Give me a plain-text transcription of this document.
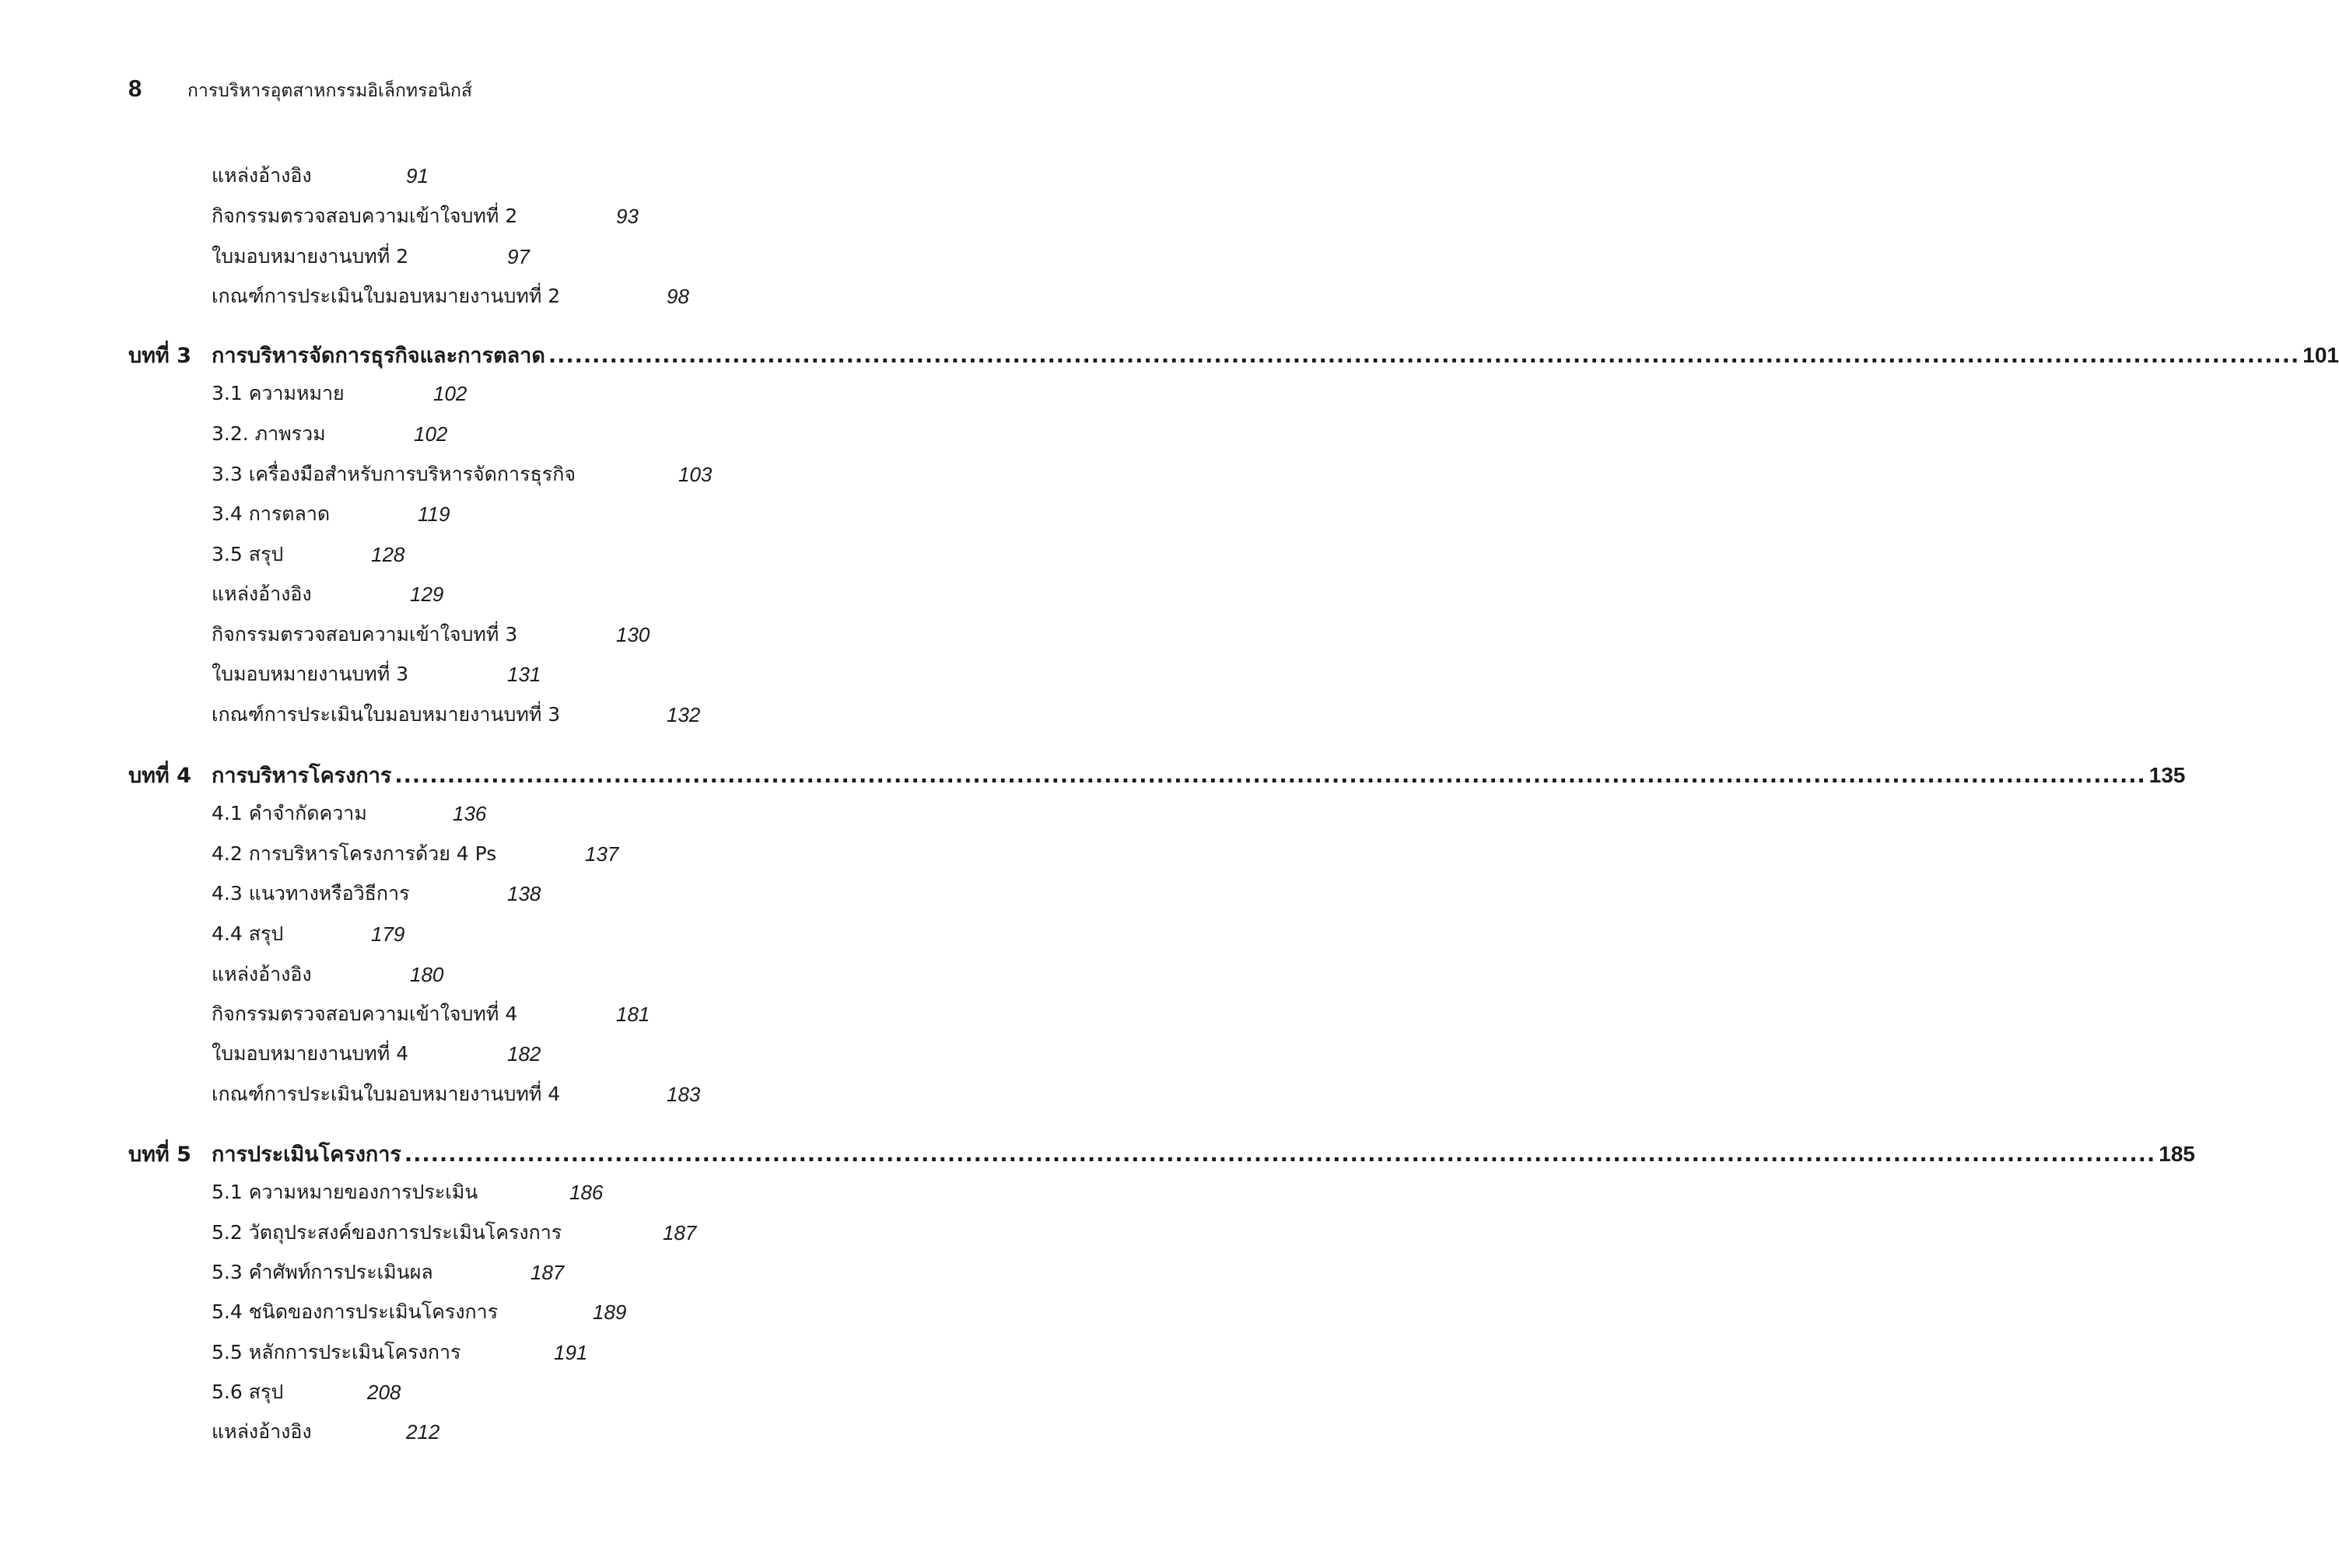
8	การบริหารอุตสาหกรรมอิเล็กทรอนิกส์
แหล่งอ้างอิง	91
กิจกรรมตรวจสอบความเข้าใจบทที่ 2	93
ใบมอบหมายงานบทที่ 2	97
เกณฑ์การประเมินใบมอบหมายงานบทที่ 2	98
บทที่ 3 การบริหารจัดการธุรกิจและการตลาด ........................................................................................................................................................................................................ 101
3.1 ความหมาย	102
3.2. ภาพรวม	102
3.3 เครื่องมือสำหรับการบริหารจัดการธุรกิจ	103
3.4 การตลาด	119
3.5 สรุป	128
แหล่งอ้างอิง	129
กิจกรรมตรวจสอบความเข้าใจบทที่ 3	130
ใบมอบหมายงานบทที่ 3	131
เกณฑ์การประเมินใบมอบหมายงานบทที่ 3	132
บทที่ 4 การบริหารโครงการ ........................................................................................................................................................................................................ 135
4.1 คำจำกัดความ	136
4.2 การบริหารโครงการด้วย 4 Ps	137
4.3 แนวทางหรือวิธีการ	138
4.4 สรุป	179
แหล่งอ้างอิง	180
กิจกรรมตรวจสอบความเข้าใจบทที่ 4	181
ใบมอบหมายงานบทที่ 4	182
เกณฑ์การประเมินใบมอบหมายงานบทที่ 4	183
บทที่ 5 การประเมินโครงการ ........................................................................................................................................................................................................ 185
5.1 ความหมายของการประเมิน	186
5.2 วัตถุประสงค์ของการประเมินโครงการ	187
5.3 คำศัพท์การประเมินผล	187
5.4 ชนิดของการประเมินโครงการ	189
5.5 หลักการประเมินโครงการ	191
5.6 สรุป	208
แหล่งอ้างอิง	212
